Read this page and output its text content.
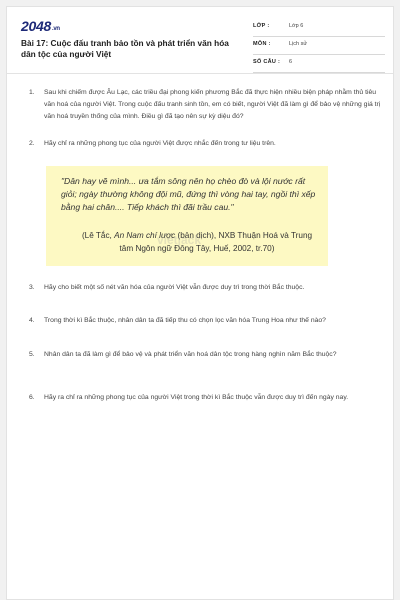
2048.vn
Bài 17: Cuộc đấu tranh bảo tồn và phát triển văn hóa dân tộc của người Việt
LỚP :	Lớp 6
MÔN :	Lịch sử
SỐ CÂU : 6
1. Sau khi chiếm được Âu Lạc, các triều đại phong kiến phương Bắc đã thực hiện nhiều biện pháp nhằm thủ tiêu văn hoá của người Việt. Trong cuộc đấu tranh sinh tồn, em có biết, người Việt đã làm gì để bảo vệ những giá trị văn hoá truyền thống của mình. Điều gì đã tạo nên sự kỳ diệu đó?
2. Hãy chỉ ra những phong tục của người Việt được nhắc đến trong tư liệu trên.
"Dân hay vẽ mình... ưa tắm sông nên họ chèo đò và lội nước rất giỏi; ngày thường không đội mũ, đứng thì vòng hai tay, ngồi thì xếp bằng hai chân.... Tiếp khách thì đãi trầu cau."
(Lê Tắc, An Nam chí lược (bản dịch), NXB Thuận Hoá và Trung tâm Ngôn ngữ Đông Tây, Huế, 2002, tr.70)
vietjack
3. Hãy cho biết một số nét văn hóa của người Việt vẫn được duy trì trong thời Bắc thuộc.
4. Trong thời kì Bắc thuộc, nhân dân ta đã tiếp thu có chọn lọc văn hóa Trung Hoa như thế nào?
5. Nhân dân ta đã làm gì để bảo vệ và phát triển văn hoá dân tộc trong hàng nghìn năm Bắc thuộc?
6. Hãy ra chỉ ra những phong tục của người Việt trong thời kì Bắc thuộc vẫn được duy trì đến ngày nay.
